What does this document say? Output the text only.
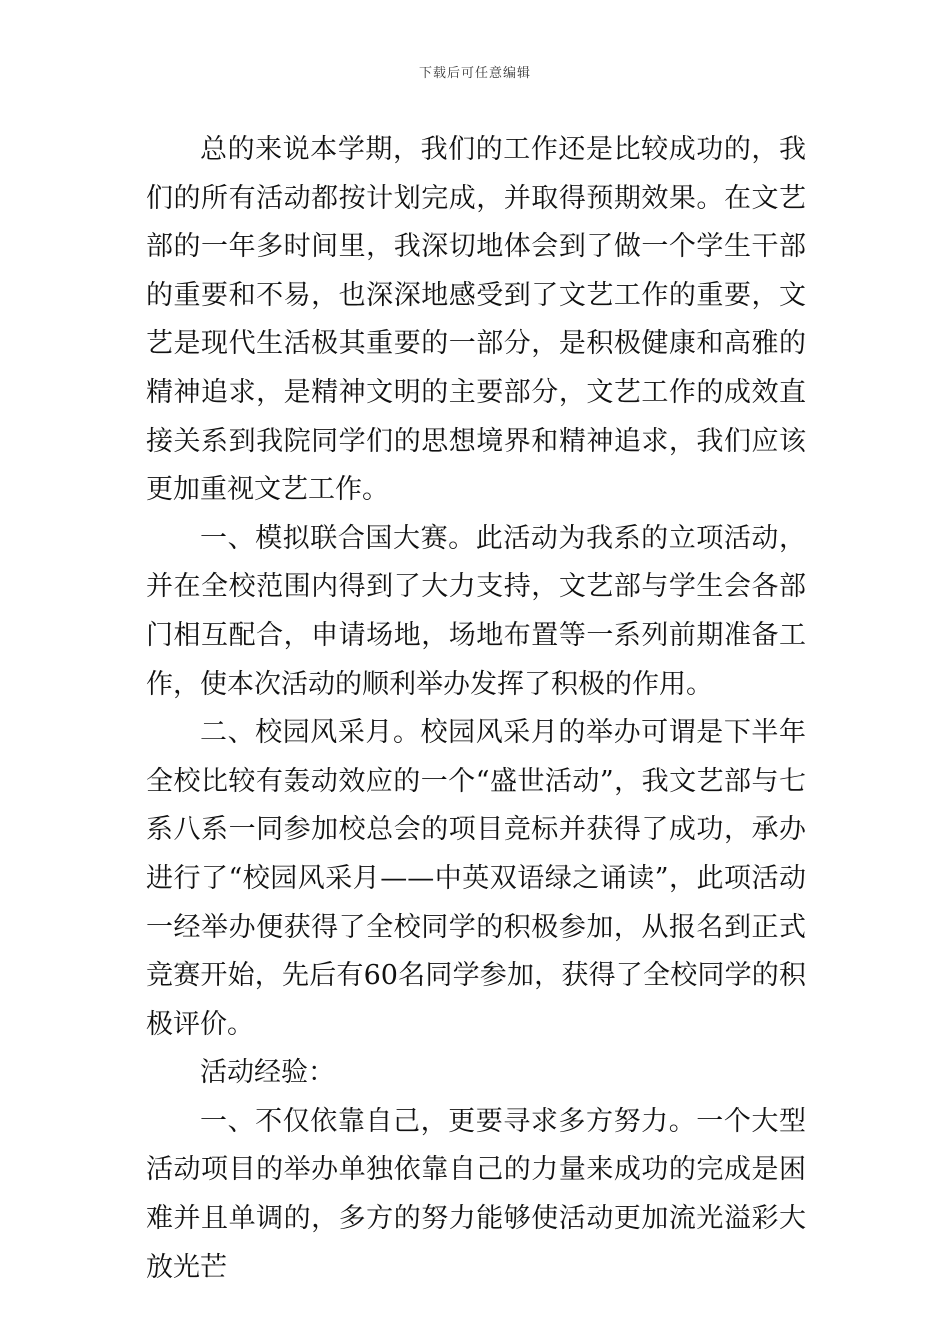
下载后可任意编辑

总的来说本学期，我们的工作还是比较成功的，我们的所有活动都按计划完成，并取得预期效果。在文艺部的一年多时间里，我深切地体会到了做一个学生干部的重要和不易，也深深地感受到了文艺工作的重要，文艺是现代生活极其重要的一部分，是积极健康和高雅的精神追求，是精神文明的主要部分，文艺工作的成效直接关系到我院同学们的思想境界和精神追求，我们应该更加重视文艺工作。

一、模拟联合国大赛。此活动为我系的立项活动，并在全校范围内得到了大力支持，文艺部与学生会各部门相互配合，申请场地，场地布置等一系列前期准备工作，使本次活动的顺利举办发挥了积极的作用。

二、校园风采月。校园风采月的举办可谓是下半年全校比较有轰动效应的一个“盛世活动”，我文艺部与七系八系一同参加校总会的项目竞标并获得了成功，承办进行了“校园风采月——中英双语绿之诵读”，此项活动一经举办便获得了全校同学的积极参加，从报名到正式竞赛开始，先后有60名同学参加，获得了全校同学的积极评价。

活动经验：

一、不仅依靠自己，更要寻求多方努力。一个大型活动项目的举办单独依靠自己的力量来成功的完成是困难并且单调的，多方的努力能够使活动更加流光溢彩大放光芒
